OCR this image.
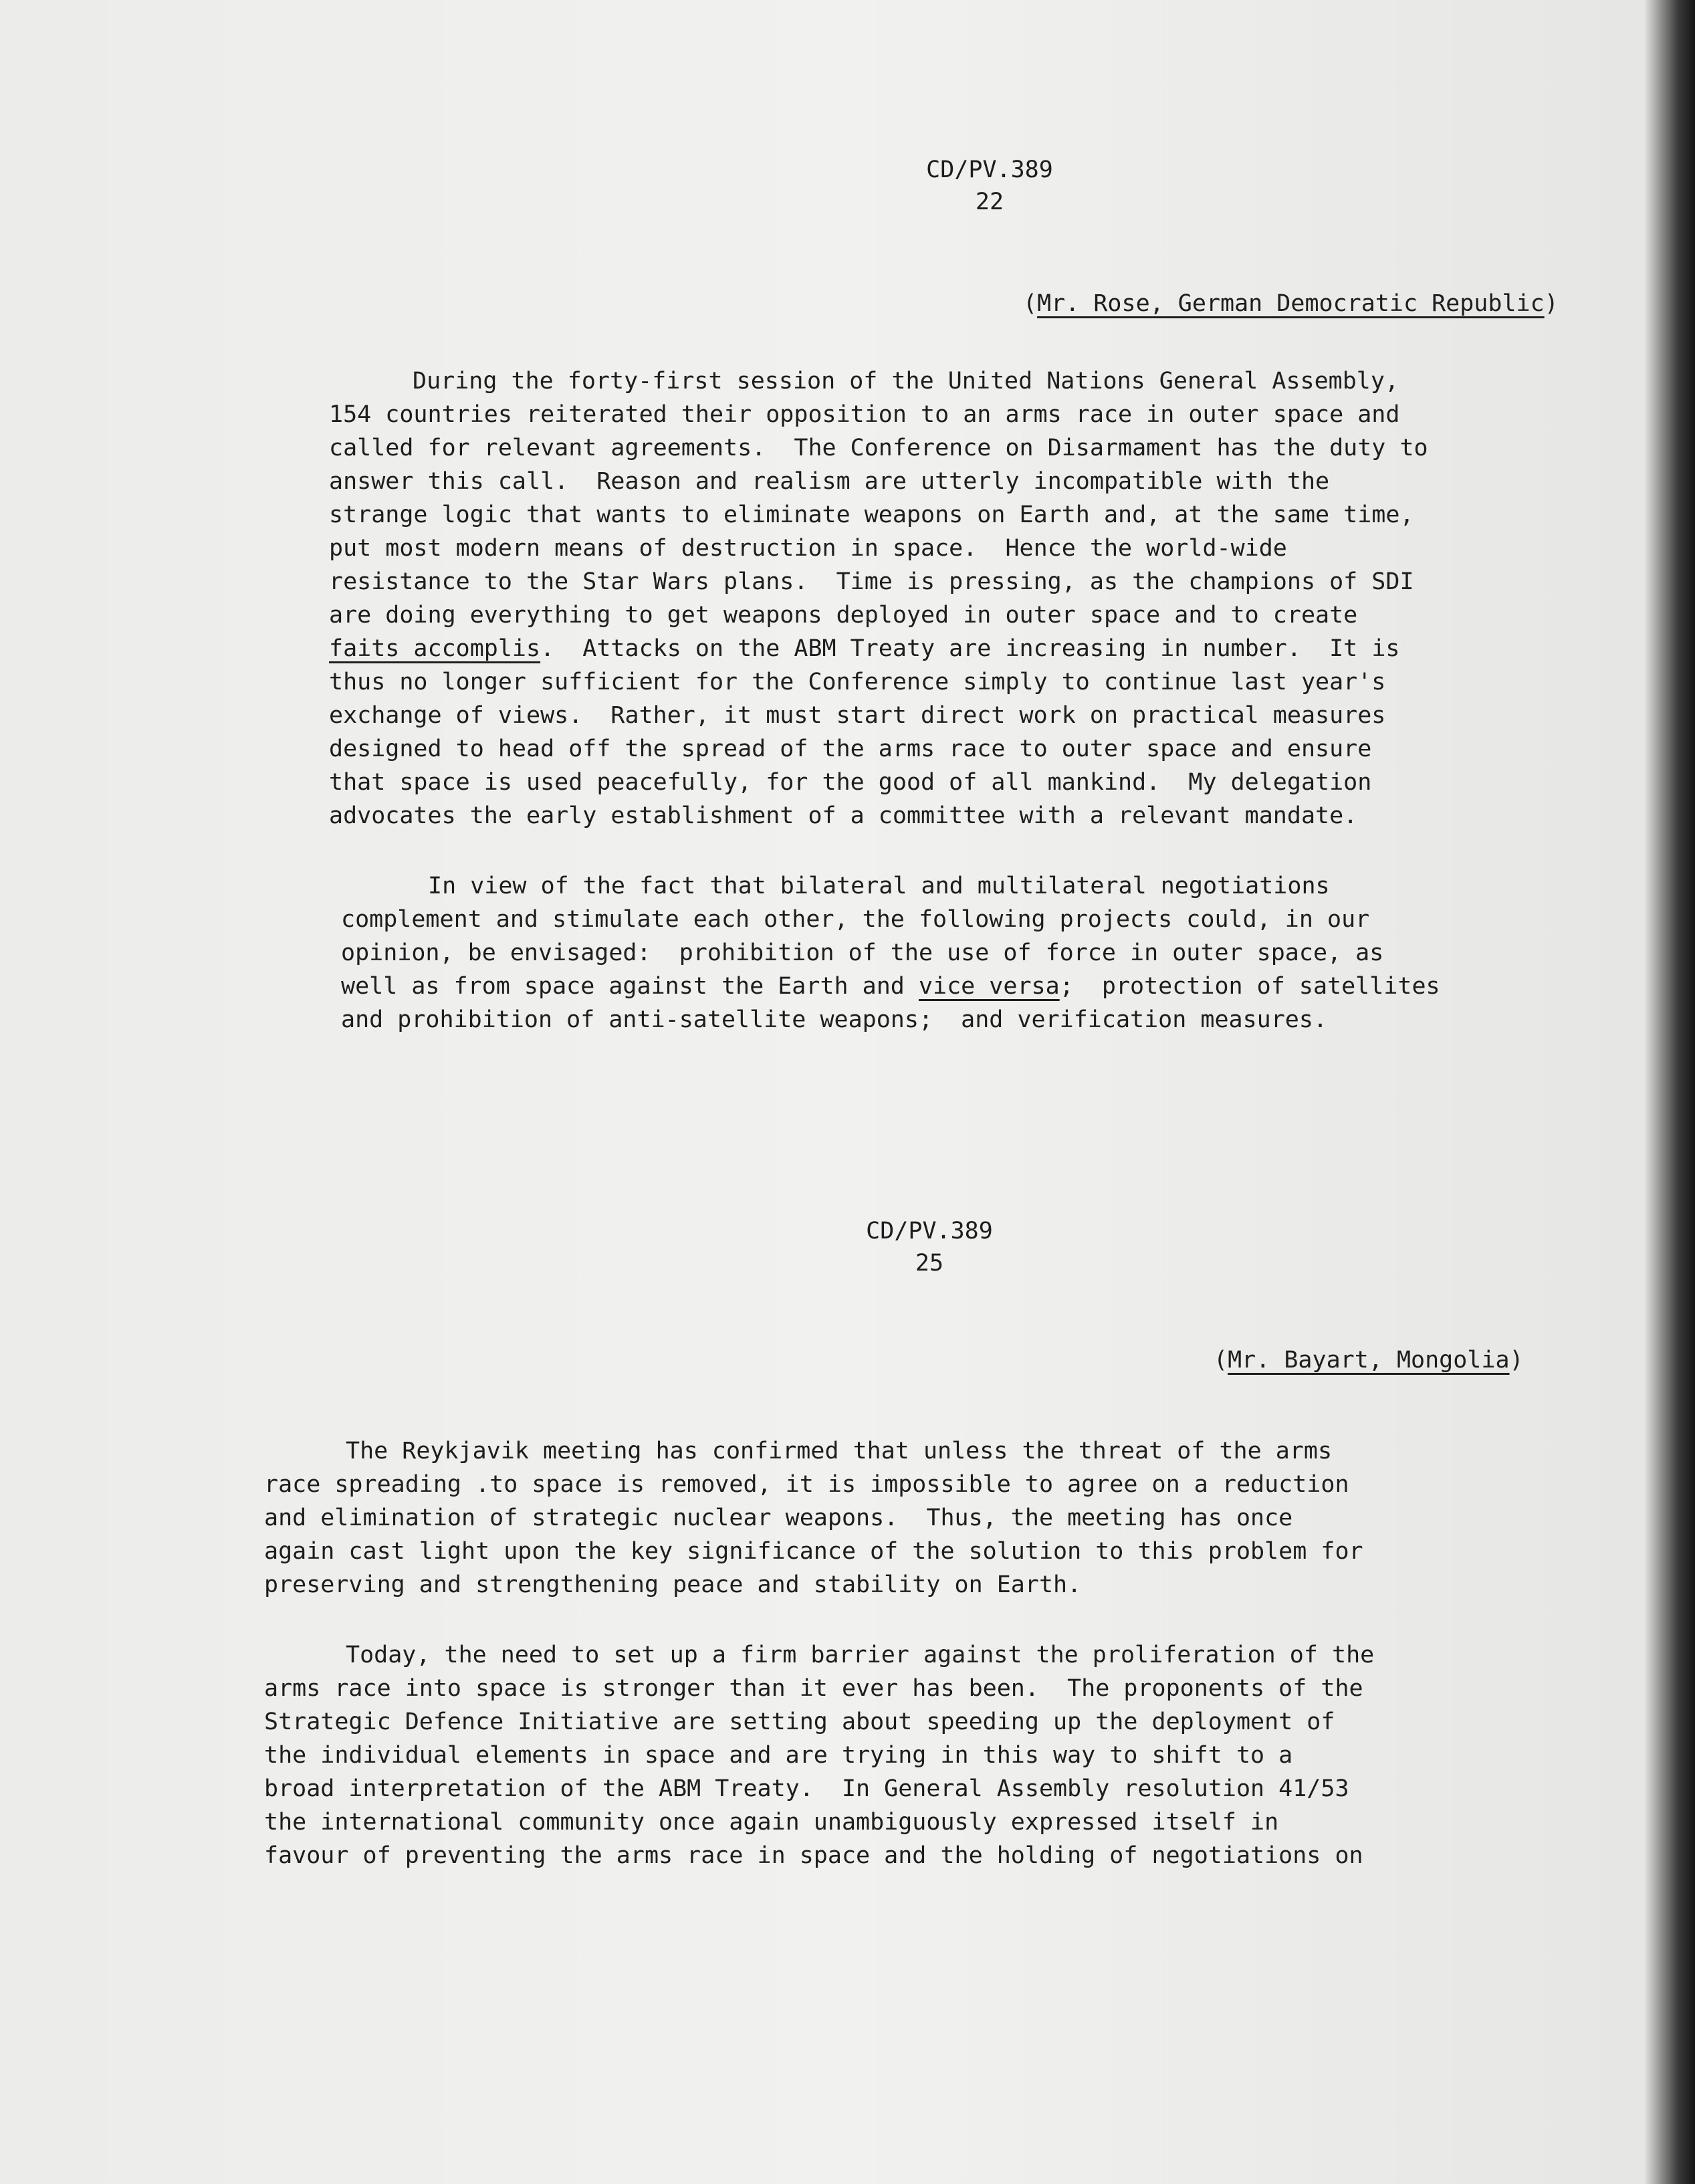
CD/PV.389
22
(Mr. Rose, German Democratic Republic)
During the forty-first session of the United Nations General Assembly,
154 countries reiterated their opposition to an arms race in outer space and
called for relevant agreements.  The Conference on Disarmament has the duty to
answer this call.  Reason and realism are utterly incompatible with the
strange logic that wants to eliminate weapons on Earth and, at the same time,
put most modern means of destruction in space.  Hence the world-wide
resistance to the Star Wars plans.  Time is pressing, as the champions of SDI
are doing everything to get weapons deployed in outer space and to create
faits accomplis.  Attacks on the ABM Treaty are increasing in number.  It is
thus no longer sufficient for the Conference simply to continue last year's
exchange of views.  Rather, it must start direct work on practical measures
designed to head off the spread of the arms race to outer space and ensure
that space is used peacefully, for the good of all mankind.  My delegation
advocates the early establishment of a committee with a relevant mandate.
In view of the fact that bilateral and multilateral negotiations
complement and stimulate each other, the following projects could, in our
opinion, be envisaged:  prohibition of the use of force in outer space, as
well as from space against the Earth and vice versa;  protection of satellites
and prohibition of anti-satellite weapons;  and verification measures.
CD/PV.389
25
(Mr. Bayart, Mongolia)
The Reykjavik meeting has confirmed that unless the threat of the arms
race spreading .to space is removed, it is impossible to agree on a reduction
and elimination of strategic nuclear weapons.  Thus, the meeting has once
again cast light upon the key significance of the solution to this problem for
preserving and strengthening peace and stability on Earth.
Today, the need to set up a firm barrier against the proliferation of the
arms race into space is stronger than it ever has been.  The proponents of the
Strategic Defence Initiative are setting about speeding up the deployment of
the individual elements in space and are trying in this way to shift to a
broad interpretation of the ABM Treaty.  In General Assembly resolution 41/53
the international community once again unambiguously expressed itself in
favour of preventing the arms race in space and the holding of negotiations on
